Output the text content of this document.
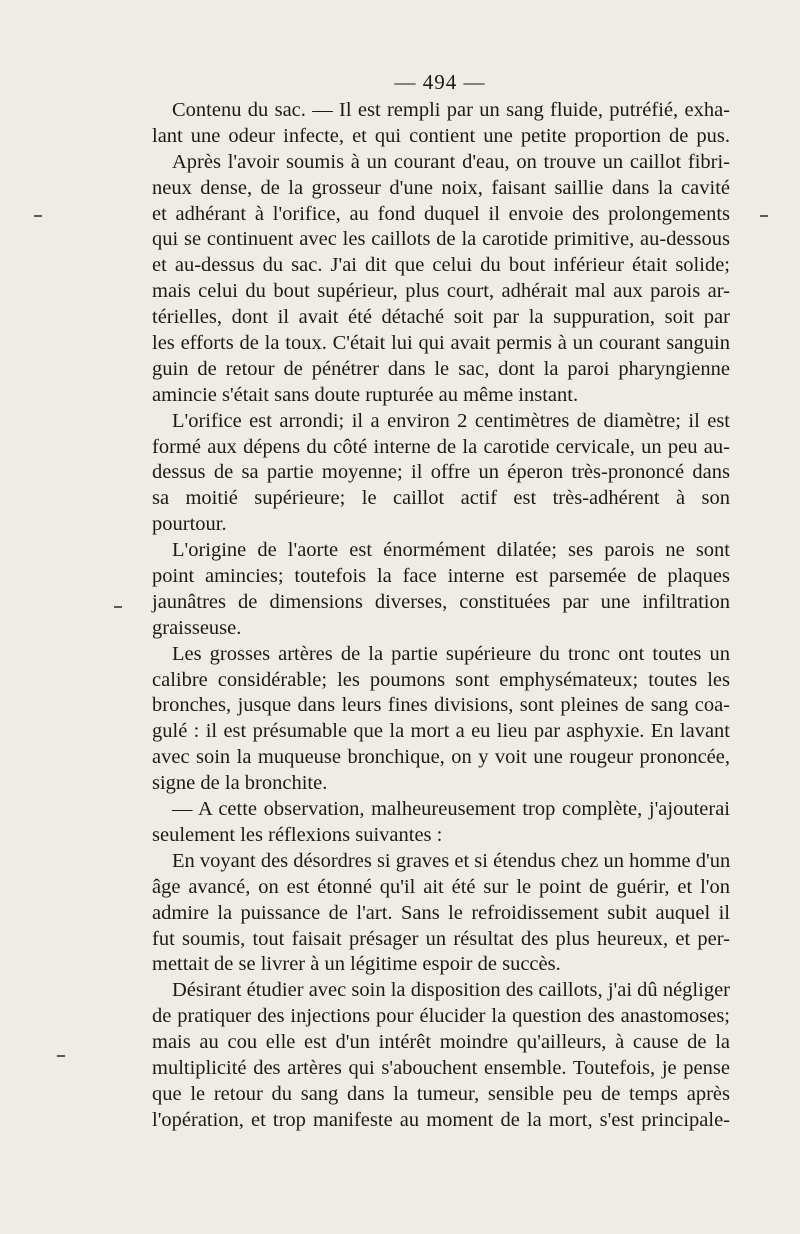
— 494 —
Contenu du sac. — Il est rempli par un sang fluide, putréfié, exha-
lant une odeur infecte, et qui contient une petite proportion de pus.
Après l'avoir soumis à un courant d'eau, on trouve un caillot fibri-
neux dense, de la grosseur d'une noix, faisant saillie dans la cavité
et adhérant à l'orifice, au fond duquel il envoie des prolongements
qui se continuent avec les caillots de la carotide primitive, au-dessous
et au-dessus du sac. J'ai dit que celui du bout inférieur était solide;
mais celui du bout supérieur, plus court, adhérait mal aux parois ar-
térielles, dont il avait été détaché soit par la suppuration, soit par
les efforts de la toux. C'était lui qui avait permis à un courant sanguin
guin de retour de pénétrer dans le sac, dont la paroi pharyngienne
amincie s'était sans doute rupturée au même instant.
L'orifice est arrondi; il a environ 2 centimètres de diamètre; il est
formé aux dépens du côté interne de la carotide cervicale, un peu au-
dessus de sa partie moyenne; il offre un éperon très-prononcé dans
sa moitié supérieure; le caillot actif est très-adhérent à son
pourtour.
L'origine de l'aorte est énormément dilatée; ses parois ne sont
point amincies; toutefois la face interne est parsemée de plaques
jaunâtres de dimensions diverses, constituées par une infiltration
graisseuse.
Les grosses artères de la partie supérieure du tronc ont toutes un
calibre considérable; les poumons sont emphysémateux; toutes les
bronches, jusque dans leurs fines divisions, sont pleines de sang coa-
gulé : il est présumable que la mort a eu lieu par asphyxie. En lavant
avec soin la muqueuse bronchique, on y voit une rougeur prononcée,
signe de la bronchite.
— A cette observation, malheureusement trop complète, j'ajouterai
seulement les réflexions suivantes :
En voyant des désordres si graves et si étendus chez un homme d'un
âge avancé, on est étonné qu'il ait été sur le point de guérir, et l'on
admire la puissance de l'art. Sans le refroidissement subit auquel il
fut soumis, tout faisait présager un résultat des plus heureux, et per-
mettait de se livrer à un légitime espoir de succès.
Désirant étudier avec soin la disposition des caillots, j'ai dû négliger
de pratiquer des injections pour élucider la question des anastomoses;
mais au cou elle est d'un intérêt moindre qu'ailleurs, à cause de la
multiplicité des artères qui s'abouchent ensemble. Toutefois, je pense
que le retour du sang dans la tumeur, sensible peu de temps après
l'opération, et trop manifeste au moment de la mort, s'est principale-
